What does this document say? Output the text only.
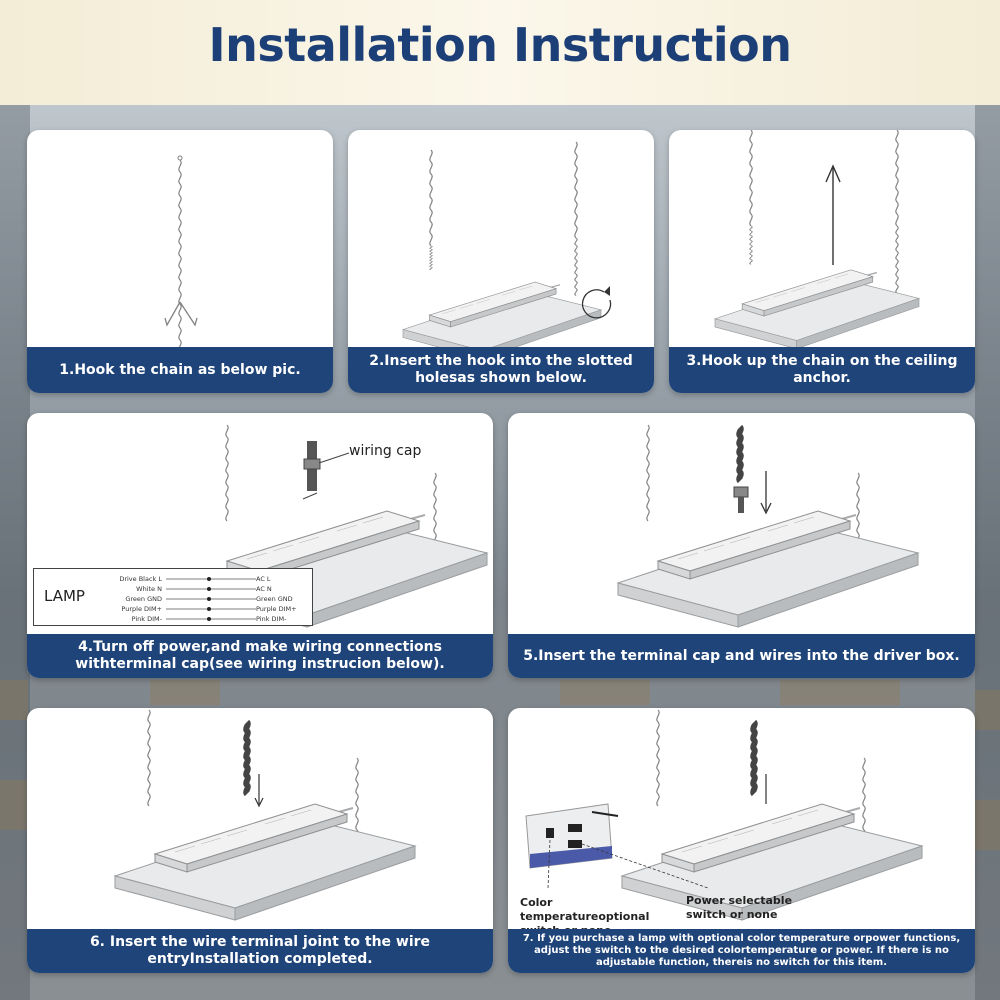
Installation Instruction
1.Hook the chain as below pic.
2.Insert the hook into the slotted holesas shown below.
3.Hook up the chain on the ceiling anchor.
wiring cap
LAMP
Drive Black L
White N
Green GND
Purple DIM+
Pink DIM-
AC L
AC N
Green GND
Purple DIM+
Pink DIM-
4.Turn off power,and make wiring connections withterminal cap(see wiring instrucion below).
5.Insert the terminal cap and wires into the driver box.
6. Insert the wire terminal joint to the wire entryInstallation completed.
Color temperatureoptional
Power selectable switch or none
7. If you purchase a lamp with optional color temperature orpower functions, adjust the switch to the desired colortemperature or power. If there is no adjustable function, thereis no switch for this item.
